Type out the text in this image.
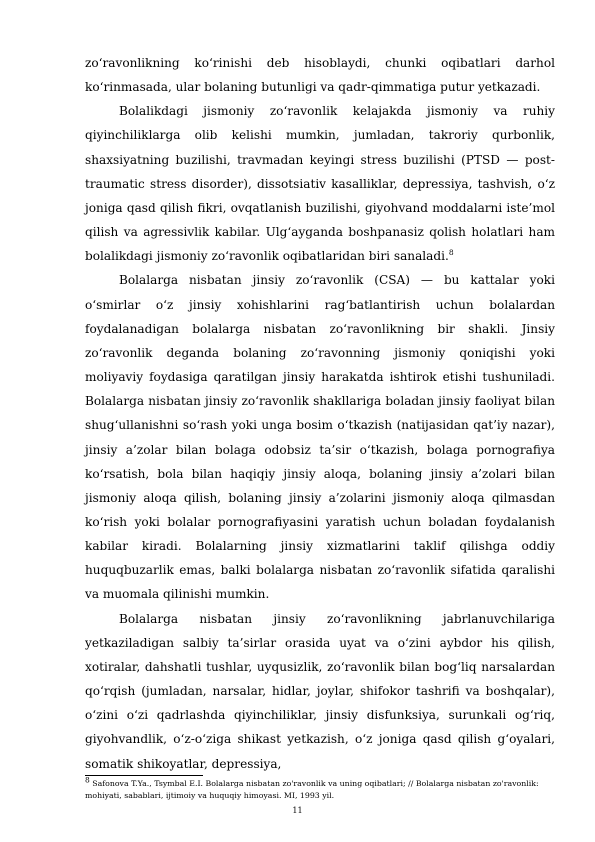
zo‘ravonlikning ko‘rinishi deb hisoblaydi, chunki oqibatlari darhol ko‘rinmasada, ular bolaning butunligi va qadr-qimmatiga putur yetkazadi.

Bolalikdagi jismoniy zo‘ravonlik kelajakda jismoniy va ruhiy qiyinchiliklarga olib kelishi mumkin, jumladan, takroriy qurbonlik, shaxsiyatning buzilishi, travmadan keyingi stress buzilishi (PTSD — post-traumatic stress disorder), dissotsiativ kasalliklar, depressiya, tashvish, o‘z joniga qasd qilish fikri, ovqatlanish buzilishi, giyohvand moddalarni iste’mol qilish va agressivlik kabilar. Ulg‘ayganda boshpanasiz qolish holatlari ham bolalikdagi jismoniy zo‘ravonlik oqibatlaridan biri sanaladi.$^8$

Bolalarga nisbatan jinsiy zo‘ravonlik (CSA) — bu kattalar yoki o‘smirlar o‘z jinsiy xohishlarini rag‘batlantirish uchun bolalardan foydalanadigan bolalarga nisbatan zo‘ravonlikning bir shakli. Jinsiy zo‘ravonlik deganda bolaning zo‘ravonning jismoniy qoniqishi yoki moliyaviy foydasiga qaratilgan jinsiy harakatda ishtirok etishi tushuniladi. Bolalarga nisbatan jinsiy zo‘ravonlik shakllariga boladan jinsiy faoliyat bilan shug‘ullanishni so‘rash yoki unga bosim o‘tkazish (natijasidan qat’iy nazar), jinsiy a’zolar bilan bolaga odobsiz ta’sir o‘tkazish, bolaga pornografiya ko‘rsatish, bola bilan haqiqiy jinsiy aloqa, bolaning jinsiy a’zolari bilan jismoniy aloqa qilish, bolaning jinsiy a’zolarini jismoniy aloqa qilmasdan ko‘rish yoki bolalar pornografiyasini yaratish uchun boladan foydalanish kabilar kiradi. Bolalarning jinsiy xizmatlarini taklif qilishga oddiy huquqbuzarlik emas, balki bolalarga nisbatan zo‘ravonlik sifatida qaralishi va muomala qilinishi mumkin.

Bolalarga nisbatan jinsiy zo‘ravonlikning jabrlanuvchilariga yetkaziladigan salbiy ta’sirlar orasida uyat va o‘zini aybdor his qilish, xotiralar, dahshatli tushlar, uyqusizlik, zo‘ravonlik bilan bog‘liq narsalardan qo‘rqish (jumladan, narsalar, hidlar, joylar, shifokor tashrifi va boshqalar), o‘zini o‘zi qadrlashda qiyinchiliklar, jinsiy disfunksiya, surunkali og‘riq, giyohvandlik, o‘z-o‘ziga shikast yetkazish, o‘z joniga qasd qilish g‘oyalari, somatik shikoyatlar, depressiya,

$^8$ Safonova T.Ya., Tsymbal E.I. Bolalarga nisbatan zo'ravonlik va uning oqibatlari; // Bolalarga nisbatan zo'ravonlik: mohiyati, sabablari, ijtimoiy va huquqiy himoyasi. MI, 1993 yil.
11
